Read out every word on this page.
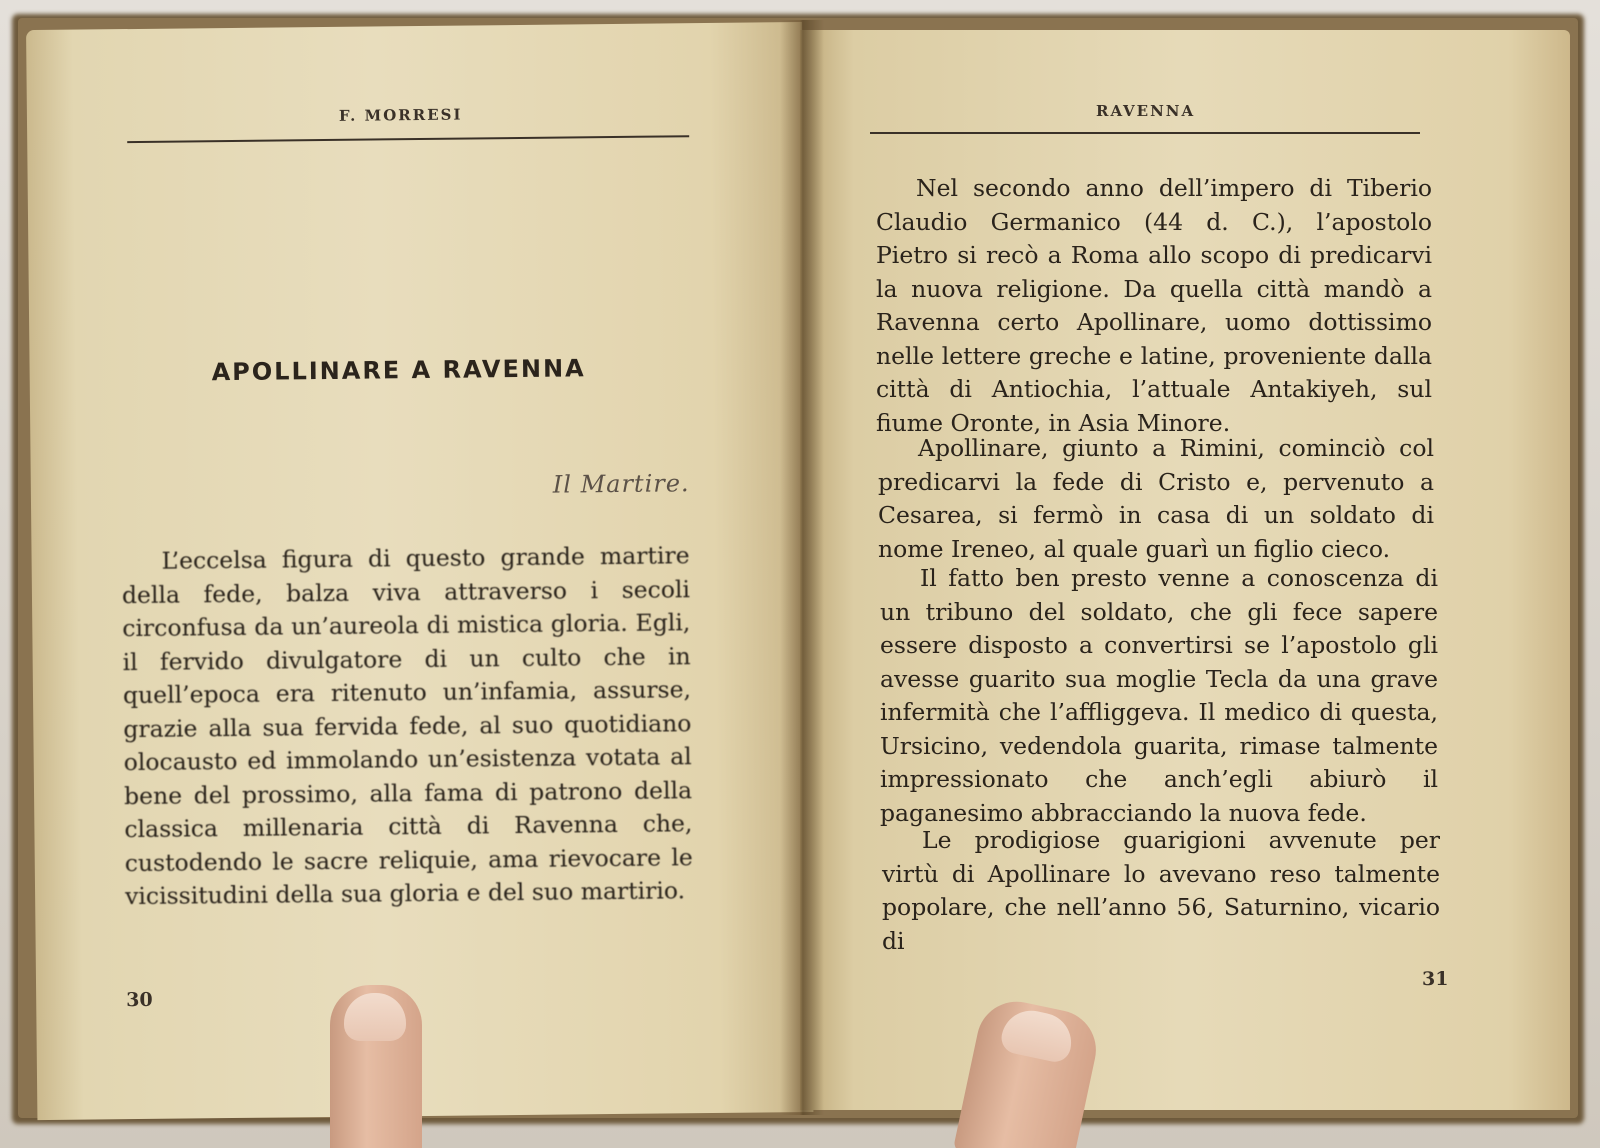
F. MORRESI
APOLLINARE A RAVENNA
Il Martire.

L’eccelsa figura di questo grande martire della fede, balza viva attraverso i secoli circonfusa da un’aureola di mistica gloria. Egli, il fervido divulgatore di un culto che in quell’epoca era ritenuto un’infamia, assurse, grazie alla sua fervida fede, al suo quotidiano olocausto ed immolando un’esistenza votata al bene del prossimo, alla fama di patrono della classica millenaria città di Ravenna che, custodendo le sacre reliquie, ama rievocare le vicissitudini della sua gloria e del suo martirio.

30
RAVENNA

Nel secondo anno dell’impero di Tiberio Claudio Germanico (44 d. C.), l’apostolo Pietro si recò a Roma allo scopo di predicarvi la nuova religione. Da quella città mandò a Ravenna certo Apollinare, uomo dottissimo nelle lettere greche e latine, proveniente dalla città di Antiochia, l’attuale Antakiyeh, sul fiume Oronte, in Asia Minore.

Apollinare, giunto a Rimini, cominciò col predicarvi la fede di Cristo e, pervenuto a Cesarea, si fermò in casa di un soldato di nome Ireneo, al quale guarì un figlio cieco.

Il fatto ben presto venne a conoscenza di un tribuno del soldato, che gli fece sapere essere disposto a convertirsi se l’apostolo gli avesse guarito sua moglie Tecla da una grave infermità che l’affliggeva. Il medico di questa, Ursicino, vedendola guarita, rimase talmente impressionato che anch’egli abiurò il paganesimo abbracciando la nuova fede.

Le prodigiose guarigioni avvenute per virtù di Apollinare lo avevano reso talmente popolare, che nell’anno 56, Saturnino, vicario di

31
